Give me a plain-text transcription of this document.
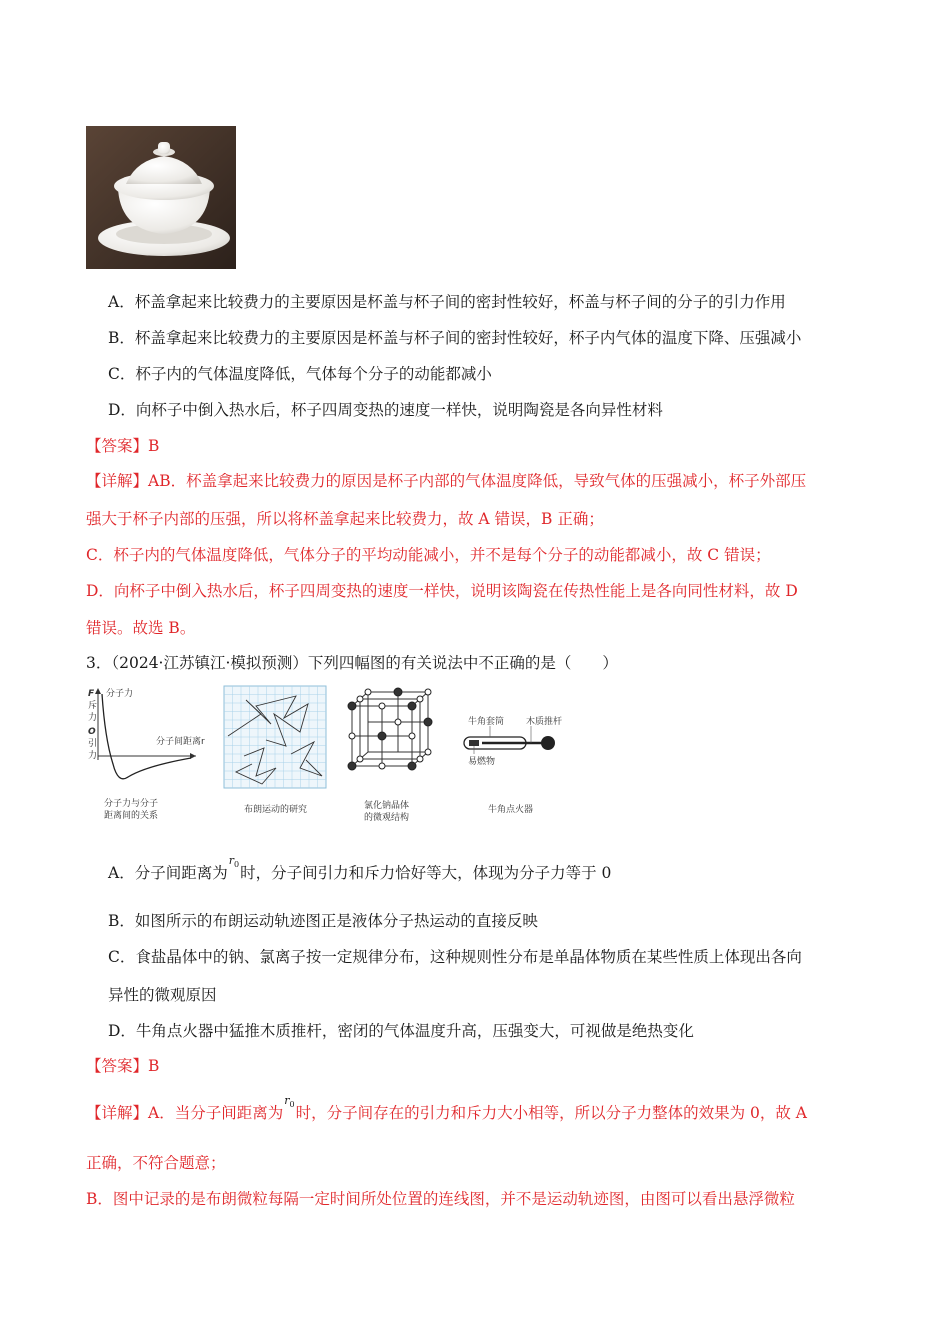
A．杯盖拿起来比较费力的主要原因是杯盖与杯子间的密封性较好，杯盖与杯子间的分子的引力作用
B．杯盖拿起来比较费力的主要原因是杯盖与杯子间的密封性较好，杯子内气体的温度下降、压强减小
C．杯子内的气体温度降低，气体每个分子的动能都减小
D．向杯子中倒入热水后，杯子四周变热的速度一样快，说明陶瓷是各向异性材料
【答案】B
【详解】AB．杯盖拿起来比较费力的原因是杯子内部的气体温度降低，导致气体的压强减小，杯子外部压
强大于杯子内部的压强，所以将杯盖拿起来比较费力，故 A 错误，B 正确；
C．杯子内的气体温度降低，气体分子的平均动能减小，并不是每个分子的动能都减小，故 C 错误；
D．向杯子中倒入热水后，杯子四周变热的速度一样快，说明该陶瓷在传热性能上是各向同性材料，故 D
错误。故选 B。
3．（2024·江苏镇江·模拟预测）下列四幅图的有关说法中不正确的是（　　）
F
斥
力
O
引
力
分子力
分子间距离r
分子力与分子
距离间的关系
布朗运动的研究	氯化钠晶体
的微观结构
牛角套筒 木质推杆
易燃物
牛角点火器
A．分子间距离为$^{r_0}$时，分子间引力和斥力恰好等大，体现为分子力等于 0
B．如图所示的布朗运动轨迹图正是液体分子热运动的直接反映
C．食盐晶体中的钠、氯离子按一定规律分布，这种规则性分布是单晶体物质在某些性质上体现出各向
异性的微观原因
D．牛角点火器中猛推木质推杆，密闭的气体温度升高，压强变大，可视做是绝热变化
【答案】B
【详解】A．当分子间距离为$^{r_0}$时，分子间存在的引力和斥力大小相等，所以分子力整体的效果为 0，故 A
正确，不符合题意；
B．图中记录的是布朗微粒每隔一定时间所处位置的连线图，并不是运动轨迹图，由图可以看出悬浮微粒
